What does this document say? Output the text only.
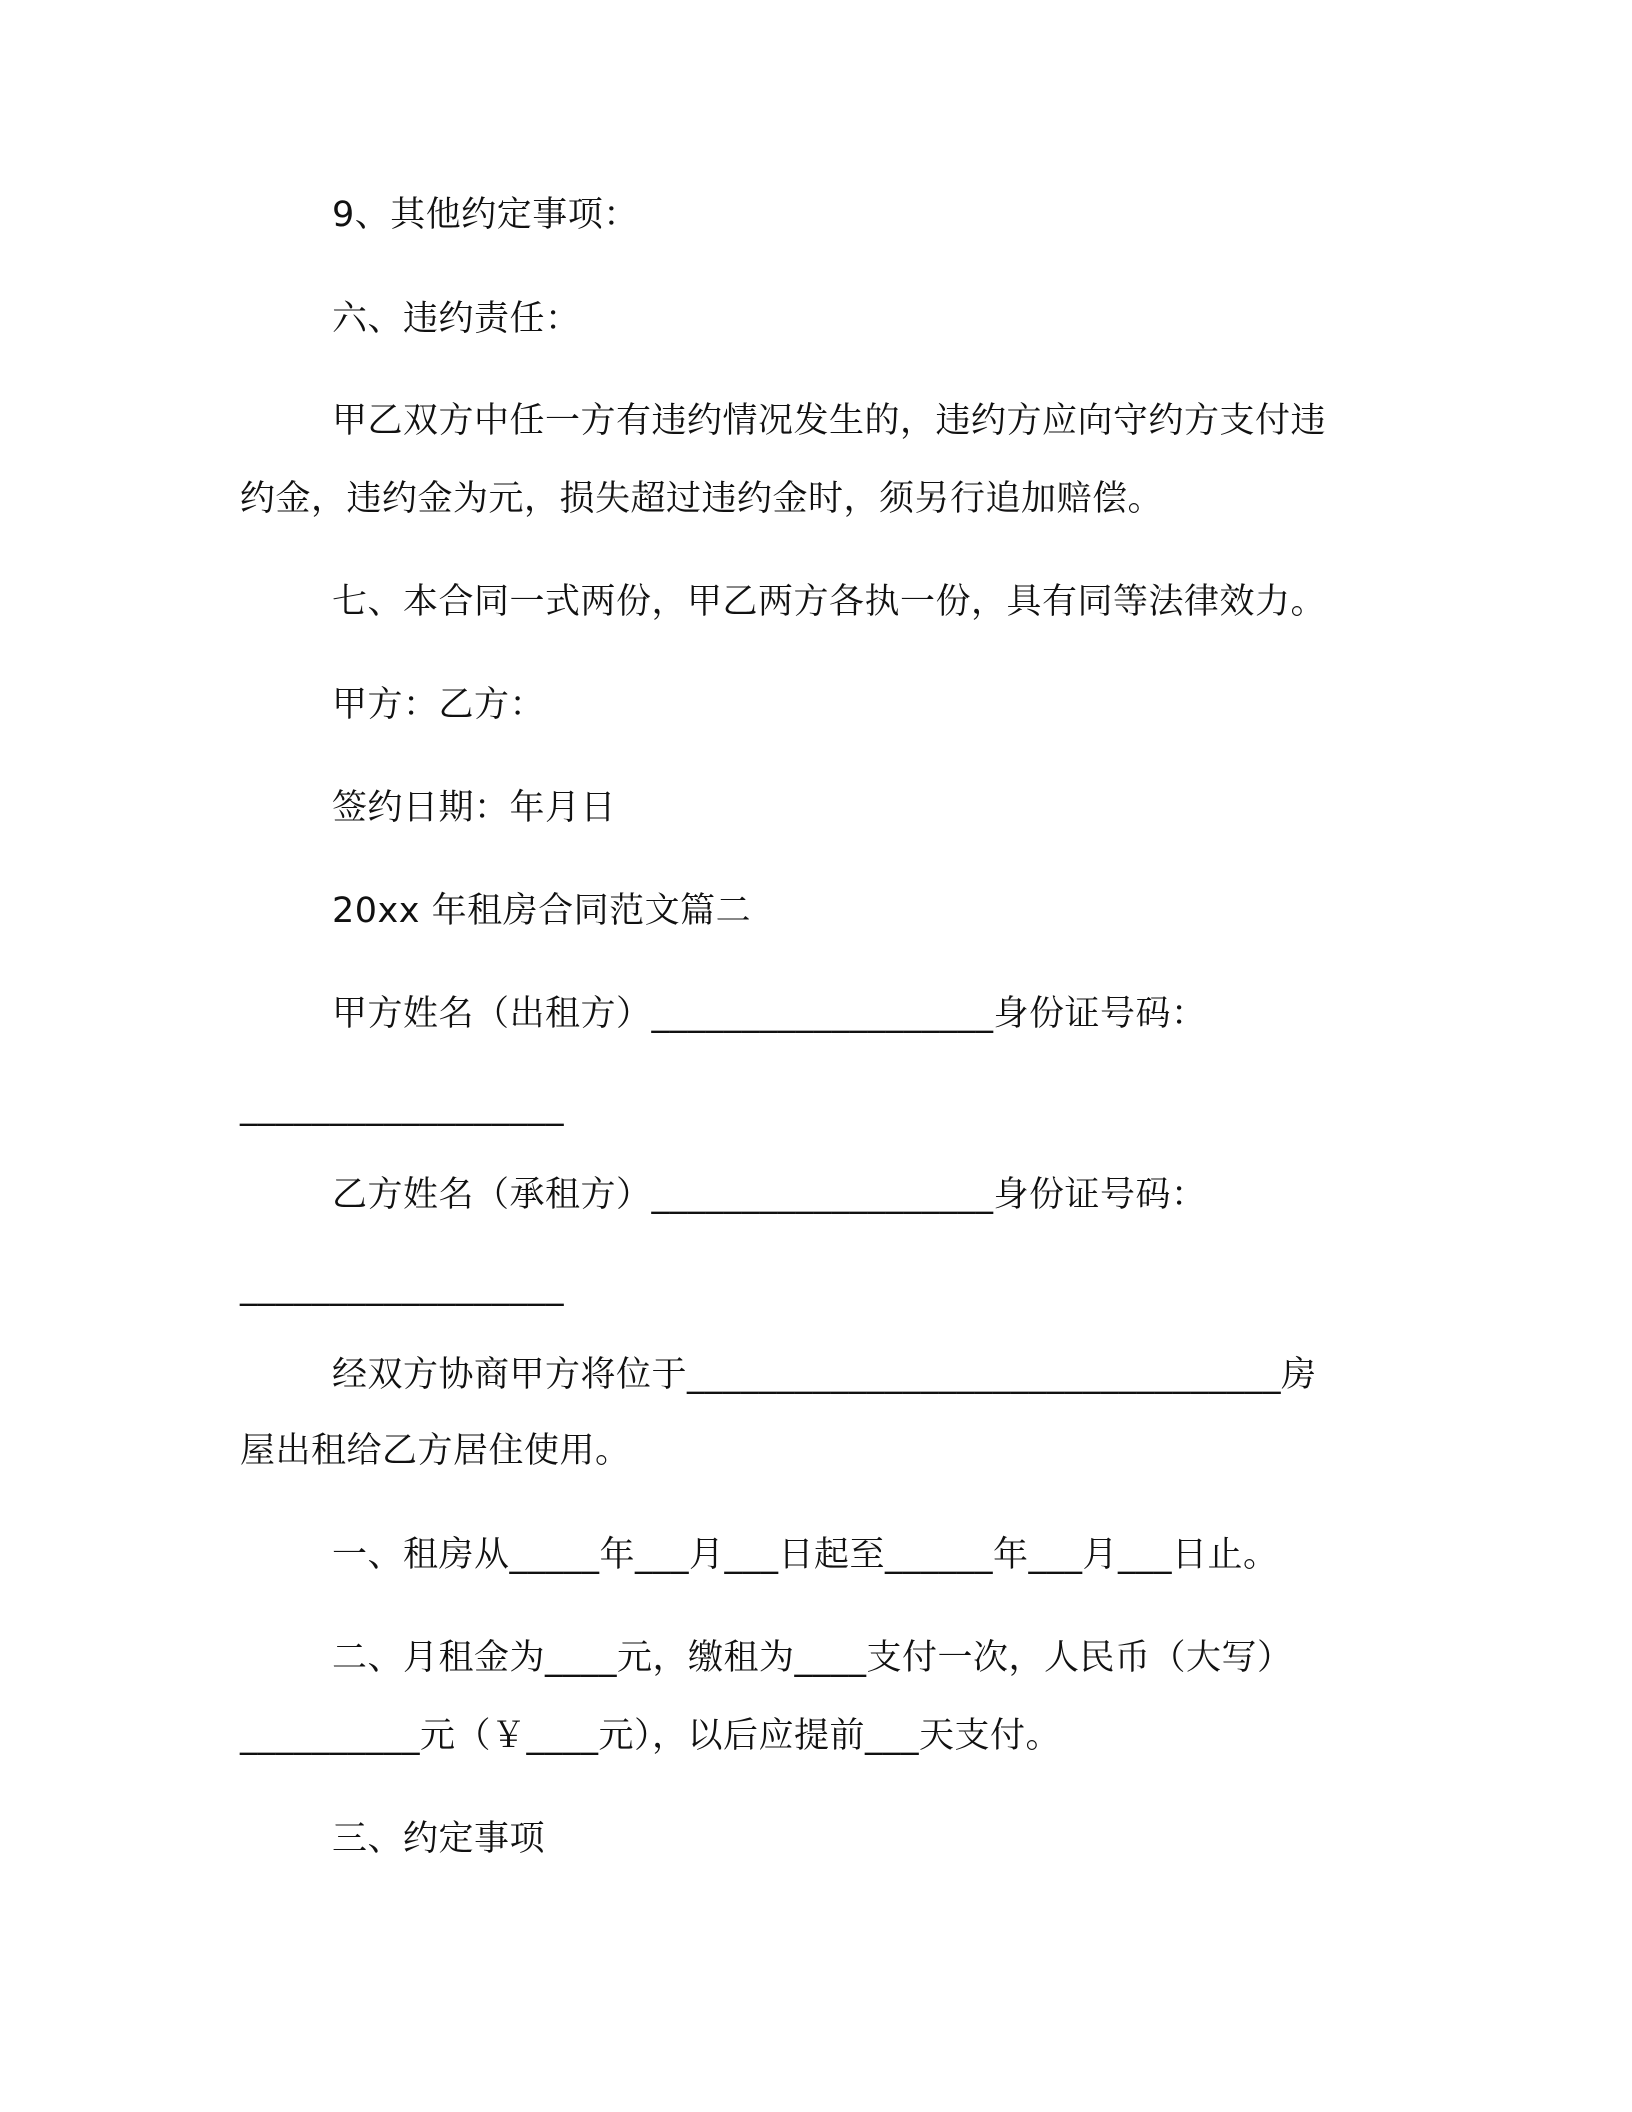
9、其他约定事项：
六、违约责任：
甲乙双方中任一方有违约情况发生的，违约方应向守约方支付违
约金，违约金为元，损失超过违约金时，须另行追加赔偿。
七、本合同一式两份，甲乙两方各执一份，具有同等法律效力。
甲方：乙方：
签约日期：年月日
20xx 年租房合同范文篇二
甲方姓名（出租方）___________________身份证号码：
__________________
乙方姓名（承租方）___________________身份证号码：
__________________
经双方协商甲方将位于_________________________________房
屋出租给乙方居住使用。
一、租房从_____年___月___日起至______年___月___日止。
二、月租金为____元，缴租为____支付一次，人民币（大写）
__________元（￥____元），以后应提前___天支付。
三、约定事项
